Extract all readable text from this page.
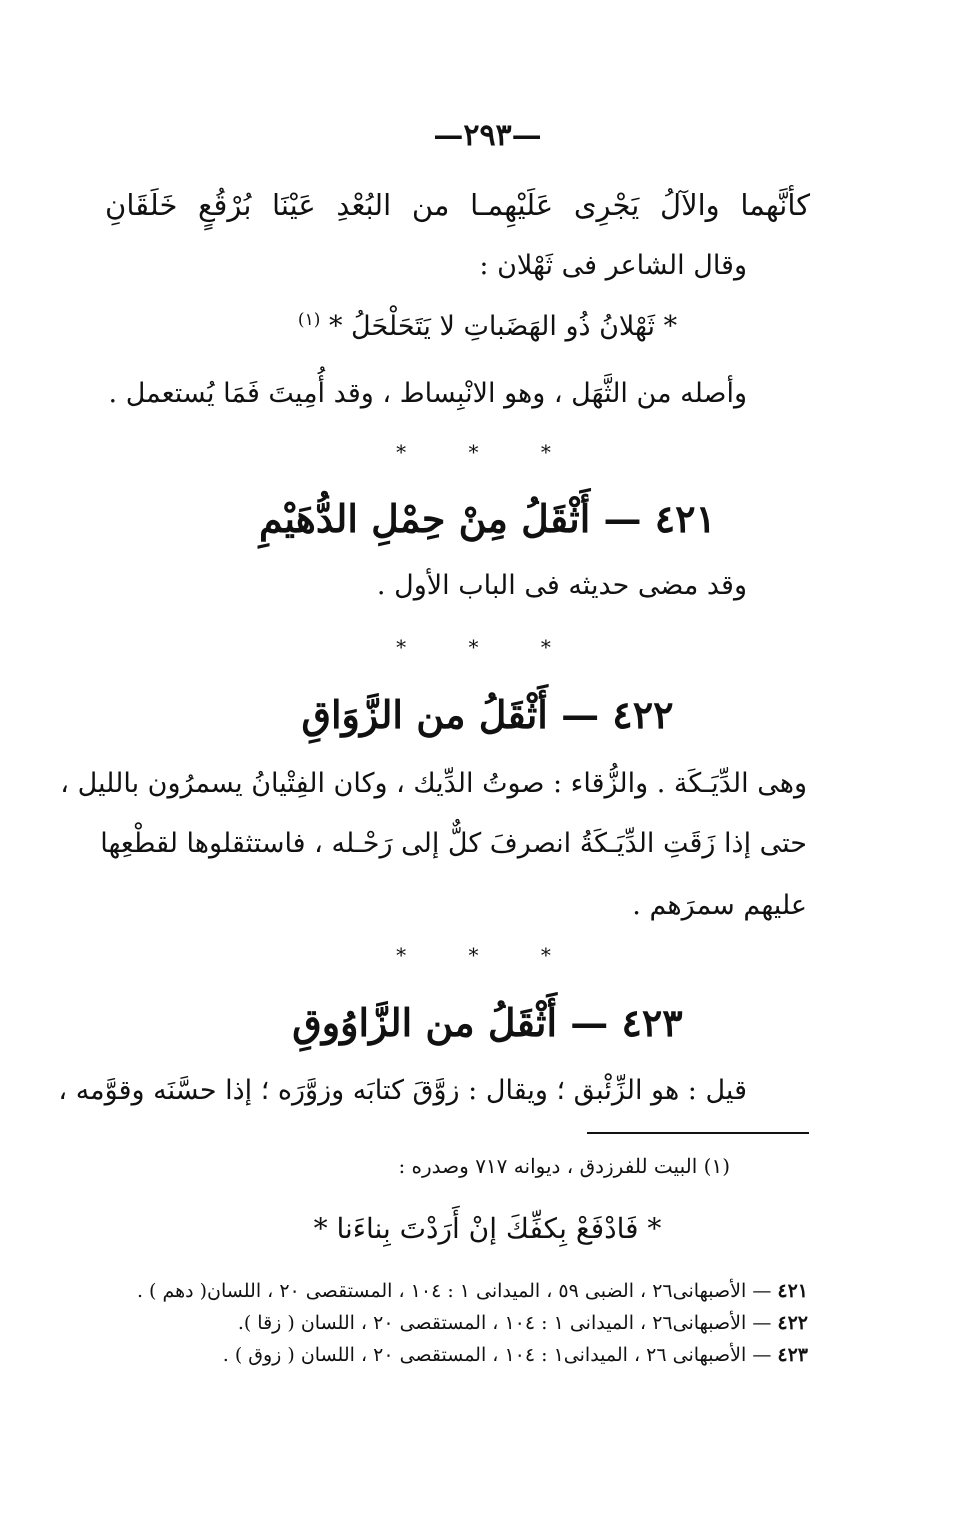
—٢٩٣—
كأنَّهما
والآلُ
يَجْرِى
عَلَيْهِمـا
من
البُعْدِ
عَيْنَا
بُرْقُعٍ
خَلَقَانِ
وقال الشاعر فى ثَهْلان :
* ثَهْلانُ ذُو الهَضَباتِ لا يَتَحَلْحَلُ * $^{(١)}$
وأصله من الثَّهَل ، وهو الانْبِساط ، وقد أُمِيتَ فَمَا يُستعمل .
* * *
٤٢١ — أَثْقَلُ مِنْ حِمْلِ الدُّهَيْمِ
وقد مضى حديثه فى الباب الأول .
* * *
٤٢٢ — أَثْقَلُ من الزَّوَاقِ
وهى الدِّيَـكَة . والزُّقاء : صوتُ الدِّيك ، وكان الفِتْيانُ يسمرُون بالليل ،
حتى إذا زَقَتِ الدِّيَـكَةُ انصرفَ كلٌّ إلى رَحْـله ، فاستثقلوها لقطْعِها
عليهم سمرَهم .
* * *
٤٢٣ — أَثْقَلُ من الزَّاوُوقِ
قيل : هو الزِّئْبق ؛ ويقال : زوَّقَ كتابَه وزوَّرَه ؛ إذا حسَّنَه وقوَّمه ،
(١) البيت للفرزدق ، ديوانه ٧١٧ وصدره :
* فَادْفَعْ بِكفِّكَ إنْ أَرَدْتَ بِناءَنا *
٤٢١ — الأصبهانى٢٦ ، الضبى ٥٩ ، الميدانى ١ : ١٠٤ ، المستقصى ٢٠ ، اللسان( دهم ) .
٤٢٢ — الأصبهانى٢٦ ، الميدانى ١ : ١٠٤ ، المستقصى ٢٠ ، اللسان ( زقا ).
٤٢٣ — الأصبهانى ٢٦ ، الميدانى١ : ١٠٤ ، المستقصى ٢٠ ، اللسان ( زوق ) .
